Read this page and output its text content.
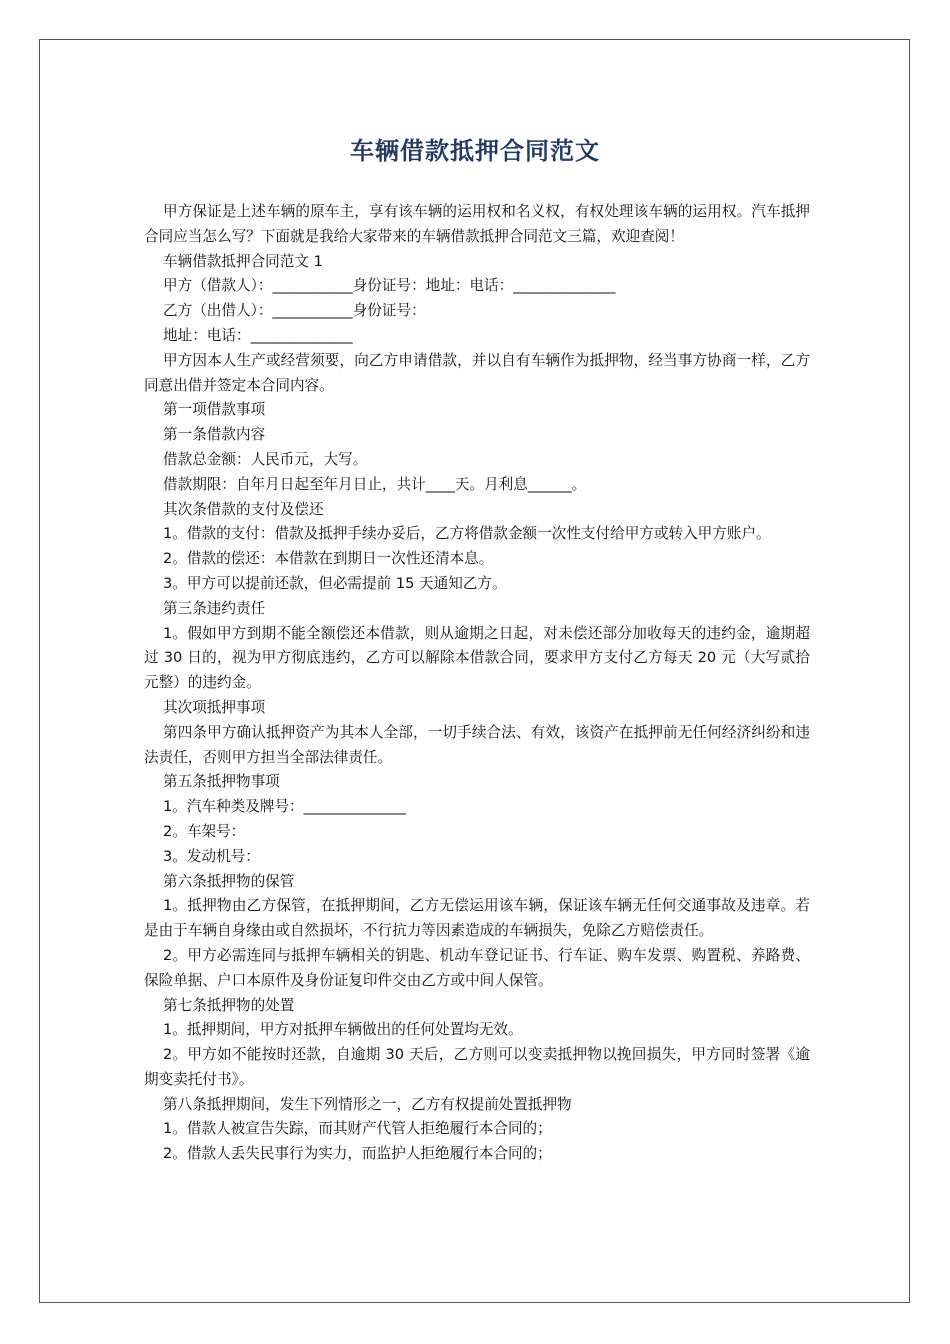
车辆借款抵押合同范文

甲方保证是上述车辆的原车主，享有该车辆的运用权和名义权，有权处理该车辆的运用权。汽车抵押合同应当怎么写？下面就是我给大家带来的车辆借款抵押合同范文三篇，欢迎查阅！

车辆借款抵押合同范文 1

甲方（借款人）：___________身份证号：地址：电话：______________

乙方（出借人）：___________身份证号：

地址：电话：______________

甲方因本人生产或经营须要，向乙方申请借款，并以自有车辆作为抵押物，经当事方协商一样，乙方同意出借并签定本合同内容。

第一项借款事项

第一条借款内容

借款总金额：人民币元，大写。

借款期限：自年月日起至年月日止，共计____天。月利息______。

其次条借款的支付及偿还

1。借款的支付：借款及抵押手续办妥后，乙方将借款金额一次性支付给甲方或转入甲方账户。

2。借款的偿还：本借款在到期日一次性还清本息。

3。甲方可以提前还款，但必需提前 15 天通知乙方。

第三条违约责任

1。假如甲方到期不能全额偿还本借款，则从逾期之日起，对未偿还部分加收每天的违约金，逾期超过 30 日的，视为甲方彻底违约，乙方可以解除本借款合同，要求甲方支付乙方每天 20 元（大写贰拾元整）的违约金。

其次项抵押事项

第四条甲方确认抵押资产为其本人全部，一切手续合法、有效，该资产在抵押前无任何经济纠纷和违法责任，否则甲方担当全部法律责任。

第五条抵押物事项

1。汽车种类及牌号：______________

2。车架号：

3。发动机号：

第六条抵押物的保管

1。抵押物由乙方保管，在抵押期间，乙方无偿运用该车辆，保证该车辆无任何交通事故及违章。若是由于车辆自身缘由或自然损坏，不行抗力等因素造成的车辆损失，免除乙方赔偿责任。

2。甲方必需连同与抵押车辆相关的钥匙、机动车登记证书、行车证、购车发票、购置税、养路费、保险单据、户口本原件及身份证复印件交由乙方或中间人保管。

第七条抵押物的处置

1。抵押期间，甲方对抵押车辆做出的任何处置均无效。

2。甲方如不能按时还款，自逾期 30 天后，乙方则可以变卖抵押物以挽回损失，甲方同时签署《逾期变卖托付书》。

第八条抵押期间，发生下列情形之一，乙方有权提前处置抵押物

1。借款人被宣告失踪，而其财产代管人拒绝履行本合同的；

2。借款人丢失民事行为实力，而监护人拒绝履行本合同的；
